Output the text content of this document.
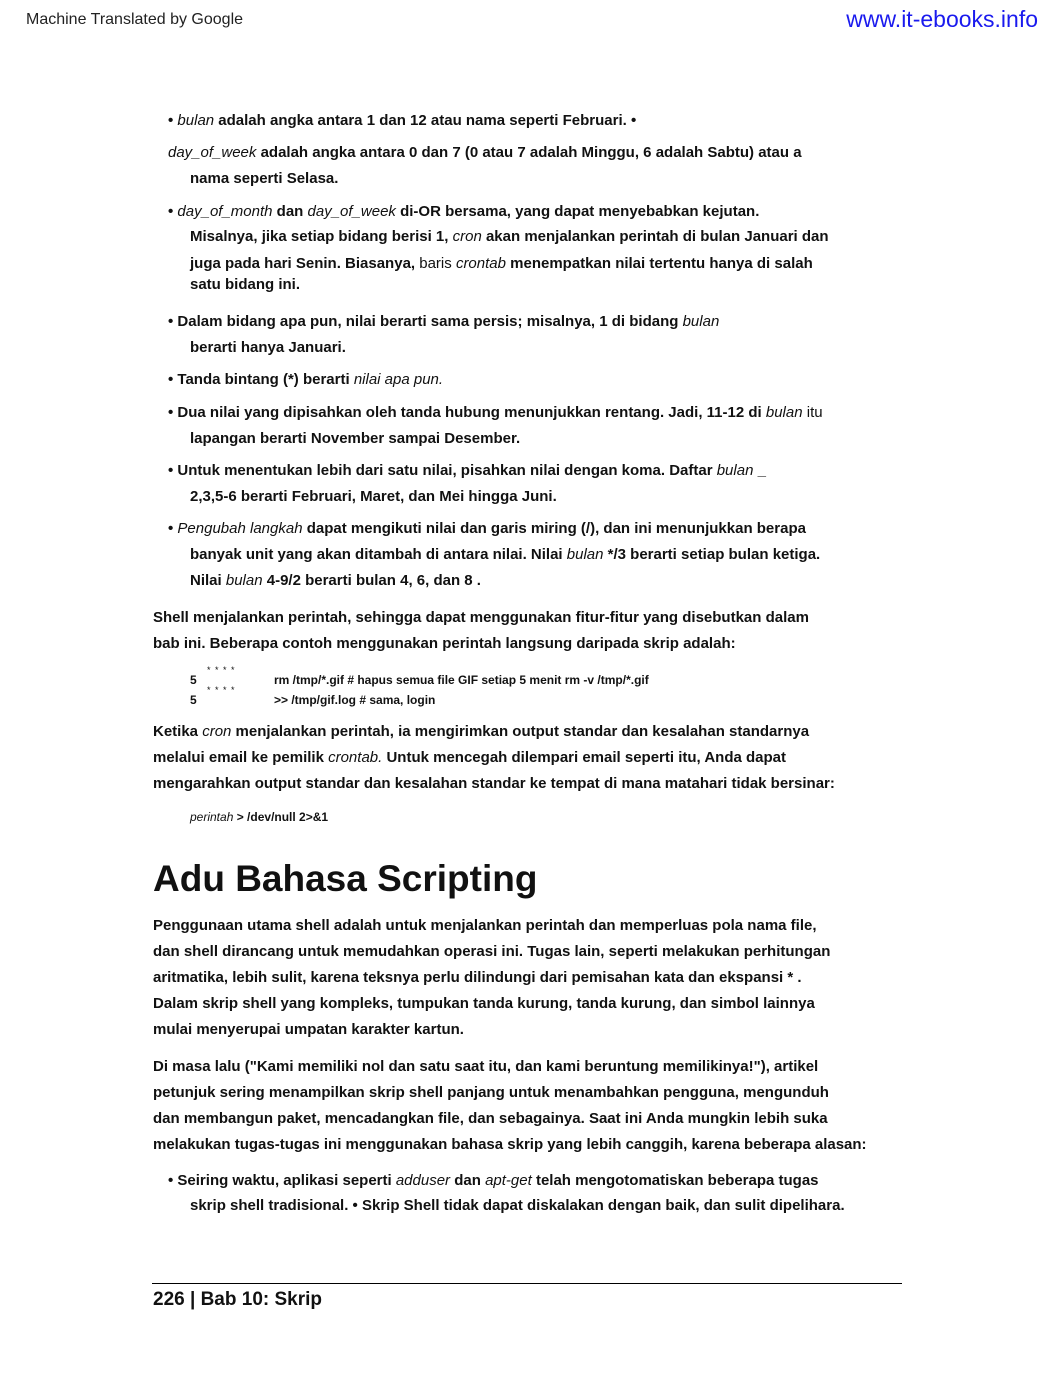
Machine Translated by Google	www.it-ebooks.info
• bulan adalah angka antara 1 dan 12 atau nama seperti Februari. •
day_of_week adalah angka antara 0 dan 7 (0 atau 7 adalah Minggu, 6 adalah Sabtu) atau a
nama seperti Selasa.
• day_of_month dan day_of_week di-OR bersama, yang dapat menyebabkan kejutan.
Misalnya, jika setiap bidang berisi 1, cron akan menjalankan perintah di bulan Januari dan
juga pada hari Senin. Biasanya, baris crontab menempatkan nilai tertentu hanya di salah
satu bidang ini.
• Dalam bidang apa pun, nilai berarti sama persis; misalnya, 1 di bidang bulan
berarti hanya Januari.
• Tanda bintang (*) berarti nilai apa pun.
• Dua nilai yang dipisahkan oleh tanda hubung menunjukkan rentang. Jadi, 11-12 di bulan itu
lapangan berarti November sampai Desember.
• Untuk menentukan lebih dari satu nilai, pisahkan nilai dengan koma. Daftar bulan _
2,3,5-6 berarti Februari, Maret, dan Mei hingga Juni.
• Pengubah langkah dapat mengikuti nilai dan garis miring (/), dan ini menunjukkan berapa
banyak unit yang akan ditambah di antara nilai. Nilai bulan */3 berarti setiap bulan ketiga.
Nilai bulan 4-9/2 berarti bulan 4, 6, dan 8 .
Shell menjalankan perintah, sehingga dapat menggunakan fitur-fitur yang disebutkan dalam
bab ini. Beberapa contoh menggunakan perintah langsung daripada skrip adalah:
* * * *
5	rm /tmp/*.gif # hapus semua file GIF setiap 5 menit rm -v /tmp/*.gif
* * * *
5	>> /tmp/gif.log # sama, login
Ketika cron menjalankan perintah, ia mengirimkan output standar dan kesalahan standarnya
melalui email ke pemilik crontab. Untuk mencegah dilempari email seperti itu, Anda dapat
mengarahkan output standar dan kesalahan standar ke tempat di mana matahari tidak bersinar:
perintah > /dev/null 2>&1
Adu Bahasa Scripting
Penggunaan utama shell adalah untuk menjalankan perintah dan memperluas pola nama file,
dan shell dirancang untuk memudahkan operasi ini. Tugas lain, seperti melakukan perhitungan
aritmatika, lebih sulit, karena teksnya perlu dilindungi dari pemisahan kata dan ekspansi * .
Dalam skrip shell yang kompleks, tumpukan tanda kurung, tanda kurung, dan simbol lainnya
mulai menyerupai umpatan karakter kartun.
Di masa lalu ("Kami memiliki nol dan satu saat itu, dan kami beruntung memilikinya!"), artikel
petunjuk sering menampilkan skrip shell panjang untuk menambahkan pengguna, mengunduh
dan membangun paket, mencadangkan file, dan sebagainya. Saat ini Anda mungkin lebih suka
melakukan tugas-tugas ini menggunakan bahasa skrip yang lebih canggih, karena beberapa alasan:
• Seiring waktu, aplikasi seperti adduser dan apt-get telah mengotomatiskan beberapa tugas
skrip shell tradisional. • Skrip Shell tidak dapat diskalakan dengan baik, dan sulit dipelihara.
226 | Bab 10: Skrip
